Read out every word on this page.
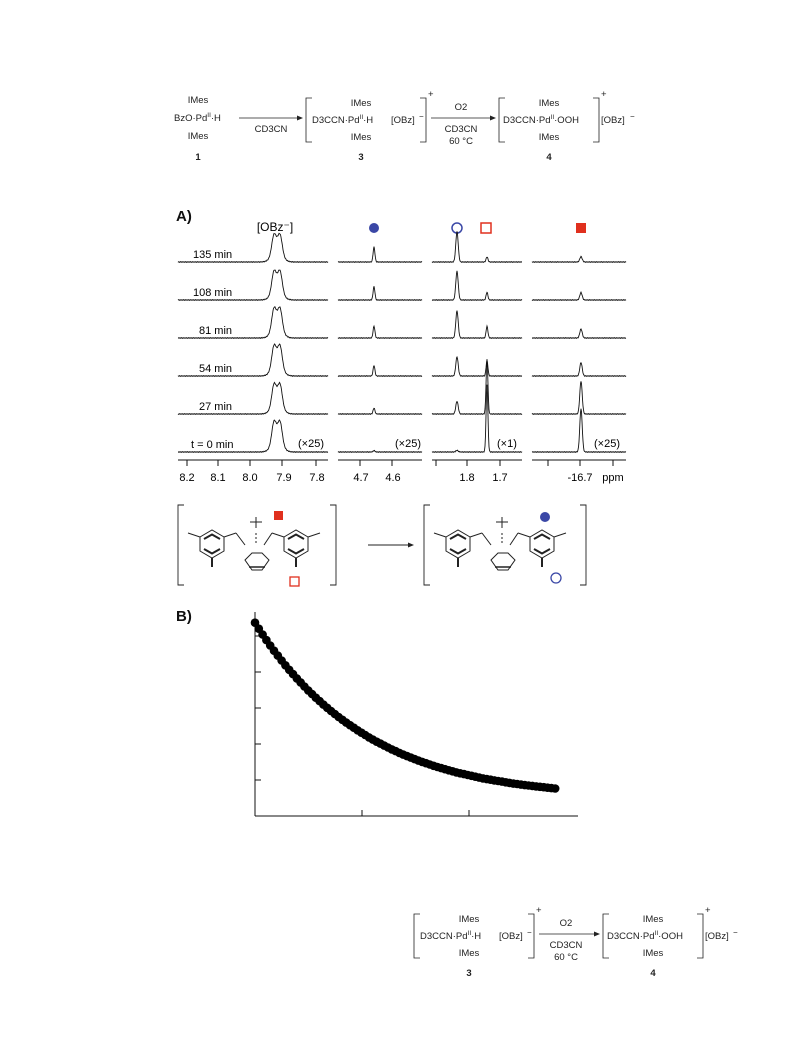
IMes
$BzO\cdot Pd^{II}\cdot H$
IMes
1
CD3CN
IMes
$D3CCN\cdot Pd^{II}\cdot H$
IMes
+
[OBz] −
3
O2
CD3CN
60 °C
IMes
$D3CCN\cdot Pd^{II}\cdot OOH$
IMes
+
[OBz] −
4
A)
[OBz⁻]
135 min
108 min
81 min
54 min
27 min
t = 0 min	(×25)	(×25)	(×1)	(×25)
8.2 8.1 8.0 7.9 7.8	4.7 4.6	1.8 1.7	-16.7 ppm
B)
IMes
$D3CCN\cdot Pd^{II}\cdot H$
IMes
+
[OBz] −
3
O2
CD3CN
60 °C
IMes
$D3CCN\cdot Pd^{II}\cdot OOH$
IMes
+
[OBz] −
4
